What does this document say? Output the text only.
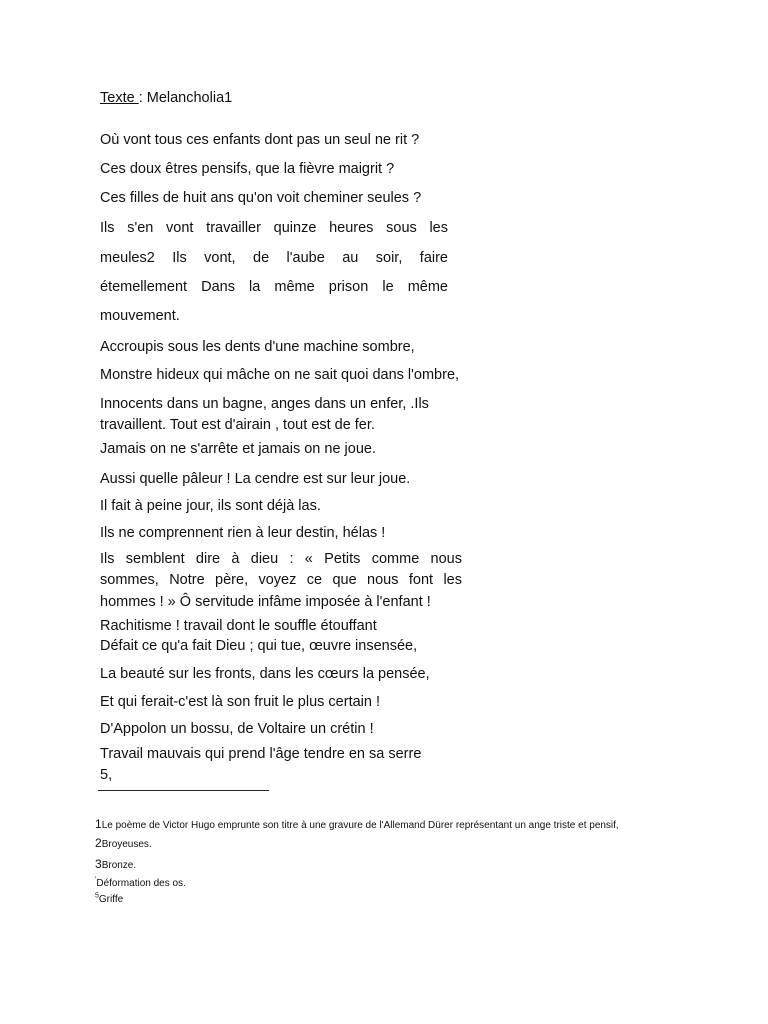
Texte : Melancholia1
Où vont tous ces enfants dont pas un seul ne rit ?
Ces doux êtres pensifs, que la fièvre maigrit ?
Ces filles de huit ans qu'on voit cheminer seules ?
Ils s'en vont travailler quinze heures sous les
meules2 Ils vont, de l'aube au soir, faire
étemellement Dans la même prison le même
mouvement.
Accroupis sous les dents d'une machine sombre,
Monstre hideux qui mâche on ne sait quoi dans l'ombre,
Innocents dans un bagne, anges dans un enfer, .Ils
travaillent. Tout est d'airain , tout est de fer.
Jamais on ne s'arrête et jamais on ne joue.
Aussi quelle pâleur ! La cendre est sur leur joue.
Il fait à peine jour, ils sont déjà las.
Ils ne comprennent rien à leur destin, hélas !
Ils semblent dire à dieu : « Petits comme nous
sommes, Notre père, voyez ce que nous font les
hommes ! » Ô servitude infâme imposée à l'enfant !
Rachitisme ! travail dont le souffle étouffant
Défait ce qu'a fait Dieu ; qui tue, œuvre insensée,
La beauté sur les fronts, dans les cœurs la pensée,
Et qui ferait-c'est là son fruit le plus certain !
D'Appolon un bossu, de Voltaire un crétin !
Travail mauvais qui prend l'âge tendre en sa serre
5,
1Le poème de Victor Hugo emprunte son titre à une gravure de l'Allemand Dürer représentant un ange triste et pensif,
2Broyeuses.
3Bronze.
'Déformation des os.
$^5$Griffe
